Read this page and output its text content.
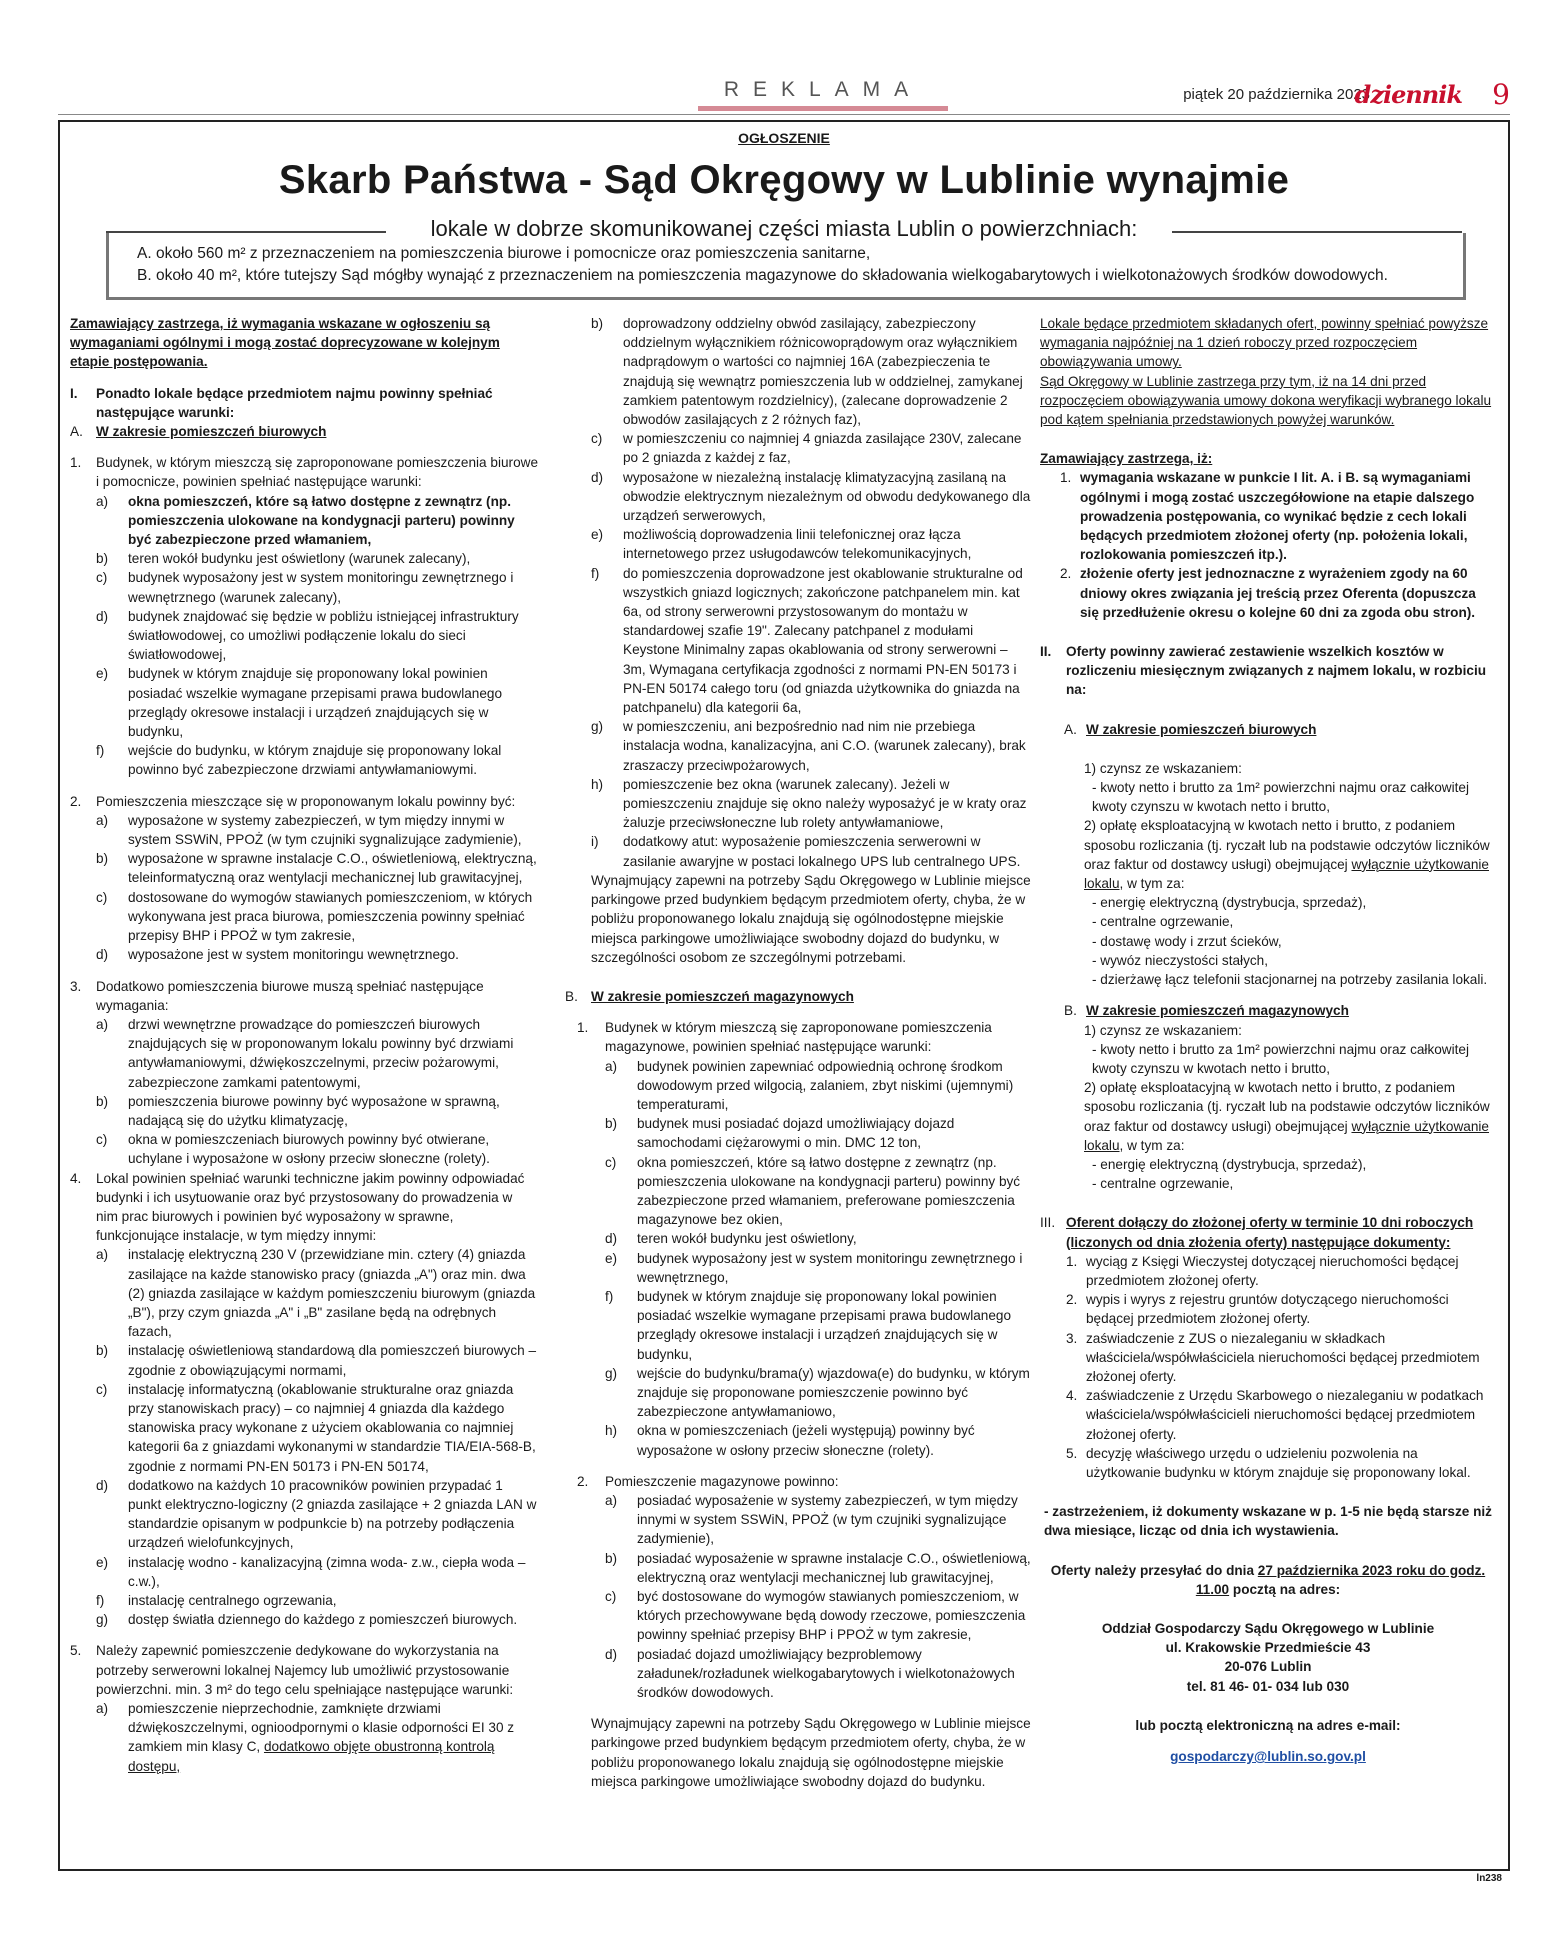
REKLAMA	piątek 20 października 2023
dziennik 9
OGŁOSZENIE
Skarb Państwa - Sąd Okręgowy w Lublinie wynajmie
lokale w dobrze skomunikowanej części miasta Lublin o powierzchniach:
A. około 560 m² z przeznaczeniem na pomieszczenia biurowe i pomocnicze oraz pomieszczenia sanitarne,
B. około 40 m², które tutejszy Sąd mógłby wynająć z przeznaczeniem na pomieszczenia magazynowe do składowania wielkogabarytowych i wielkotonażowych środków dowodowych.

Zamawiający zastrzega, iż wymagania wskazane w ogłoszeniu są wymaganiami ogólnymi i mogą zostać doprecyzowane w kolejnym etapie postępowania.

I. Ponadto lokale będące przedmiotem najmu powinny spełniać następujące warunki:
A. W zakresie pomieszczeń biurowych
1. Budynek, w którym mieszczą się zaproponowane pomieszczenia biurowe i pomocnicze, powinien spełniać następujące warunki:
a) okna pomieszczeń, które są łatwo dostępne z zewnątrz (np. pomieszczenia ulokowane na kondygnacji parteru) powinny być zabezpieczone przed włamaniem,
b) teren wokół budynku jest oświetlony (warunek zalecany),
c) budynek wyposażony jest w system monitoringu zewnętrznego i wewnętrznego (warunek zalecany),
d) budynek znajdować się będzie w pobliżu istniejącej infrastruktury światłowodowej, co umożliwi podłączenie lokalu do sieci światłowodowej,
e) budynek w którym znajduje się proponowany lokal powinien posiadać wszelkie wymagane przepisami prawa budowlanego przeglądy okresowe instalacji i urządzeń znajdujących się w budynku,
f) wejście do budynku, w którym znajduje się proponowany lokal powinno być zabezpieczone drzwiami antywłamaniowymi.
2. Pomieszczenia mieszczące się w proponowanym lokalu powinny być:
a) wyposażone w systemy zabezpieczeń, w tym między innymi w system SSWiN, PPOŻ (w tym czujniki sygnalizujące zadymienie),
b) wyposażone w sprawne instalacje C.O., oświetleniową, elektryczną, teleinformatyczną oraz wentylacji mechanicznej lub grawitacyjnej,
c) dostosowane do wymogów stawianych pomieszczeniom, w których wykonywana jest praca biurowa, pomieszczenia powinny spełniać przepisy BHP i PPOŻ w tym zakresie,
d) wyposażone jest w system monitoringu wewnętrznego.
3. Dodatkowo pomieszczenia biurowe muszą spełniać następujące wymagania:
a) drzwi wewnętrzne prowadzące do pomieszczeń biurowych znajdujących się w proponowanym lokalu powinny być drzwiami antywłamaniowymi, dźwiękoszczelnymi, przeciw pożarowymi, zabezpieczone zamkami patentowymi,
b) pomieszczenia biurowe powinny być wyposażone w sprawną, nadającą się do użytku klimatyzację,
c) okna w pomieszczeniach biurowych powinny być otwierane, uchylane i wyposażone w osłony przeciw słoneczne (rolety).
4. Lokal powinien spełniać warunki techniczne jakim powinny odpowiadać budynki i ich usytuowanie oraz być przystosowany do prowadzenia w nim prac biurowych i powinien być wyposażony w sprawne, funkcjonujące instalacje, w tym między innymi:
a) instalację elektryczną 230 V (przewidziane min. cztery (4) gniazda zasilające na każde stanowisko pracy (gniazda „A") oraz min. dwa (2) gniazda zasilające w każdym pomieszczeniu biurowym (gniazda „B"), przy czym gniazda „A" i „B" zasilane będą na odrębnych fazach,
b) instalację oświetleniową standardową dla pomieszczeń biurowych – zgodnie z obowiązującymi normami,
c) instalację informatyczną (okablowanie strukturalne oraz gniazda przy stanowiskach pracy) – co najmniej 4 gniazda dla każdego stanowiska pracy wykonane z użyciem okablowania co najmniej kategorii 6a z gniazdami wykonanymi w standardzie TIA/EIA-568-B, zgodnie z normami PN-EN 50173 i PN-EN 50174,
d) dodatkowo na każdych 10 pracowników powinien przypadać 1 punkt elektryczno-logiczny (2 gniazda zasilające + 2 gniazda LAN w standardzie opisanym w podpunkcie b) na potrzeby podłączenia urządzeń wielofunkcyjnych,
e) instalację wodno - kanalizacyjną (zimna woda- z.w., ciepła woda – c.w.),
f) instalację centralnego ogrzewania,
g) dostęp światła dziennego do każdego z pomieszczeń biurowych.
5. Należy zapewnić pomieszczenie dedykowane do wykorzystania na potrzeby serwerowni lokalnej Najemcy lub umożliwić przystosowanie powierzchni. min. 3 m² do tego celu spełniające następujące warunki:
a) pomieszczenie nieprzechodnie, zamknięte drzwiami dźwiękoszczelnymi, ognioodpornymi o klasie odporności EI 30 z zamkiem min klasy C, dodatkowo objęte obustronną kontrolą dostępu,
b) doprowadzony oddzielny obwód zasilający, zabezpieczony oddzielnym wyłącznikiem różnicowoprądowym oraz wyłącznikiem nadprądowym o wartości co najmniej 16A (zabezpieczenia te znajdują się wewnątrz pomieszczenia lub w oddzielnej, zamykanej zamkiem patentowym rozdzielnicy), (zalecane doprowadzenie 2 obwodów zasilających z 2 różnych faz),
c) w pomieszczeniu co najmniej 4 gniazda zasilające 230V, zalecane po 2 gniazda z każdej z faz,
d) wyposażone w niezależną instalację klimatyzacyjną zasilaną na obwodzie elektrycznym niezależnym od obwodu dedykowanego dla urządzeń serwerowych,
e) możliwością doprowadzenia linii telefonicznej oraz łącza internetowego przez usługodawców telekomunikacyjnych,
f) do pomieszczenia doprowadzone jest okablowanie strukturalne od wszystkich gniazd logicznych; zakończone patchpanelem min. kat 6a, od strony serwerowni przystosowanym do montażu w standardowej szafie 19". Zalecany patchpanel z modułami Keystone Minimalny zapas okablowania od strony serwerowni – 3m, Wymagana certyfikacja zgodności z normami PN-EN 50173 i PN-EN 50174 całego toru (od gniazda użytkownika do gniazda na patchpanelu) dla kategorii 6a,
g) w pomieszczeniu, ani bezpośrednio nad nim nie przebiega instalacja wodna, kanalizacyjna, ani C.O. (warunek zalecany), brak zraszaczy przeciwpożarowych,
h) pomieszczenie bez okna (warunek zalecany). Jeżeli w pomieszczeniu znajduje się okno należy wyposażyć je w kraty oraz żaluzje przeciwsłoneczne lub rolety antywłamaniowe,
i) dodatkowy atut: wyposażenie pomieszczenia serwerowni w zasilanie awaryjne w postaci lokalnego UPS lub centralnego UPS.

Wynajmujący zapewni na potrzeby Sądu Okręgowego w Lublinie miejsce parkingowe przed budynkiem będącym przedmiotem oferty, chyba, że w pobliżu proponowanego lokalu znajdują się ogólnodostępne miejskie miejsca parkingowe umożliwiające swobodny dojazd do budynku, w szczególności osobom ze szczególnymi potrzebami.

B. W zakresie pomieszczeń magazynowych
1. Budynek w którym mieszczą się zaproponowane pomieszczenia magazynowe, powinien spełniać następujące warunki:
a) budynek powinien zapewniać odpowiednią ochronę środkom dowodowym przed wilgocią, zalaniem, zbyt niskimi (ujemnymi) temperaturami,
b) budynek musi posiadać dojazd umożliwiający dojazd samochodami ciężarowymi o min. DMC 12 ton,
c) okna pomieszczeń, które są łatwo dostępne z zewnątrz (np. pomieszczenia ulokowane na kondygnacji parteru) powinny być zabezpieczone przed włamaniem, preferowane pomieszczenia magazynowe bez okien,
d) teren wokół budynku jest oświetlony,
e) budynek wyposażony jest w system monitoringu zewnętrznego i wewnętrznego,
f) budynek w którym znajduje się proponowany lokal powinien posiadać wszelkie wymagane przepisami prawa budowlanego przeglądy okresowe instalacji i urządzeń znajdujących się w budynku,
g) wejście do budynku/brama(y) wjazdowa(e) do budynku, w którym znajduje się proponowane pomieszczenie powinno być zabezpieczone antywłamaniowo,
h) okna w pomieszczeniach (jeżeli występują) powinny być wyposażone w osłony przeciw słoneczne (rolety).
2. Pomieszczenie magazynowe powinno:
a) posiadać wyposażenie w systemy zabezpieczeń, w tym między innymi w system SSWiN, PPOŻ (w tym czujniki sygnalizujące zadymienie),
b) posiadać wyposażenie w sprawne instalacje C.O., oświetleniową, elektryczną oraz wentylacji mechanicznej lub grawitacyjnej,
c) być dostosowane do wymogów stawianych pomieszczeniom, w których przechowywane będą dowody rzeczowe, pomieszczenia powinny spełniać przepisy BHP i PPOŻ w tym zakresie,
d) posiadać dojazd umożliwiający bezproblemowy załadunek/rozładunek wielkogabarytowych i wielkotonażowych środków dowodowych.

Wynajmujący zapewni na potrzeby Sądu Okręgowego w Lublinie miejsce parkingowe przed budynkiem będącym przedmiotem oferty, chyba, że w pobliżu proponowanego lokalu znajdują się ogólnodostępne miejskie miejsca parkingowe umożliwiające swobodny dojazd do budynku.

Lokale będące przedmiotem składanych ofert, powinny spełniać powyższe wymagania najpóźniej na 1 dzień roboczy przed rozpoczęciem obowiązywania umowy.

Sąd Okręgowy w Lublinie zastrzega przy tym, iż na 14 dni przed rozpoczęciem obowiązywania umowy dokona weryfikacji wybranego lokalu pod kątem spełniania przedstawionych powyżej warunków.

Zamawiający zastrzega, iż:

1. wymagania wskazane w punkcie I lit. A. i B. są wymaganiami ogólnymi i mogą zostać uszczegółowione na etapie dalszego prowadzenia postępowania, co wynikać będzie z cech lokali będących przedmiotem złożonej oferty (np. położenia lokali, rozlokowania pomieszczeń itp.).
2. złożenie oferty jest jednoznaczne z wyrażeniem zgody na 60 dniowy okres związania jej treścią przez Oferenta (dopuszcza się przedłużenie okresu o kolejne 60 dni za zgoda obu stron).
II. Oferty powinny zawierać zestawienie wszelkich kosztów w rozliczeniu miesięcznym związanych z najmem lokalu, w rozbiciu na:
A. W zakresie pomieszczeń biurowych

1) czynsz ze wskazaniem:

- kwoty netto i brutto za 1m² powierzchni najmu oraz całkowitej kwoty czynszu w kwotach netto i brutto,

2) opłatę eksploatacyjną w kwotach netto i brutto, z podaniem sposobu rozliczania (tj. ryczałt lub na podstawie odczytów liczników oraz faktur od dostawcy usługi) obejmującej wyłącznie użytkowanie lokalu, w tym za:

- energię elektryczną (dystrybucja, sprzedaż),

- centralne ogrzewanie,

- dostawę wody i zrzut ścieków,

- wywóz nieczystości stałych,

- dzierżawę łącz telefonii stacjonarnej na potrzeby zasilania lokali.

B. W zakresie pomieszczeń magazynowych

1) czynsz ze wskazaniem:

- kwoty netto i brutto za 1m² powierzchni najmu oraz całkowitej kwoty czynszu w kwotach netto i brutto,

2) opłatę eksploatacyjną w kwotach netto i brutto, z podaniem sposobu rozliczania (tj. ryczałt lub na podstawie odczytów liczników oraz faktur od dostawcy usługi) obejmującej wyłącznie użytkowanie lokalu, w tym za:

- energię elektryczną (dystrybucja, sprzedaż),

- centralne ogrzewanie,

III. Oferent dołączy do złożonej oferty w terminie 10 dni roboczych (liczonych od dnia złożenia oferty) następujące dokumenty:
1. wyciąg z Księgi Wieczystej dotyczącej nieruchomości będącej przedmiotem złożonej oferty.
2. wypis i wyrys z rejestru gruntów dotyczącego nieruchomości będącej przedmiotem złożonej oferty.
3. zaświadczenie z ZUS o niezaleganiu w składkach właściciela/współwłaściciela nieruchomości będącej przedmiotem złożonej oferty.
4. zaświadczenie z Urzędu Skarbowego o niezaleganiu w podatkach właściciela/współwłaścicieli nieruchomości będącej przedmiotem złożonej oferty.
5. decyzję właściwego urzędu o udzieleniu pozwolenia na użytkowanie budynku w którym znajduje się proponowany lokal.

- zastrzeżeniem, iż dokumenty wskazane w p. 1-5 nie będą starsze niż dwa miesiące, licząc od dnia ich wystawienia.

Oferty należy przesyłać do dnia 27 października 2023 roku do godz. 11.00 pocztą na adres:

Oddział Gospodarczy Sądu Okręgowego w Lublinie

ul. Krakowskie Przedmieście 43

20-076 Lublin

tel. 81 46- 01- 034 lub 030

lub pocztą elektroniczną na adres e-mail:

gospodarczy@lublin.so.gov.pl

ln238
